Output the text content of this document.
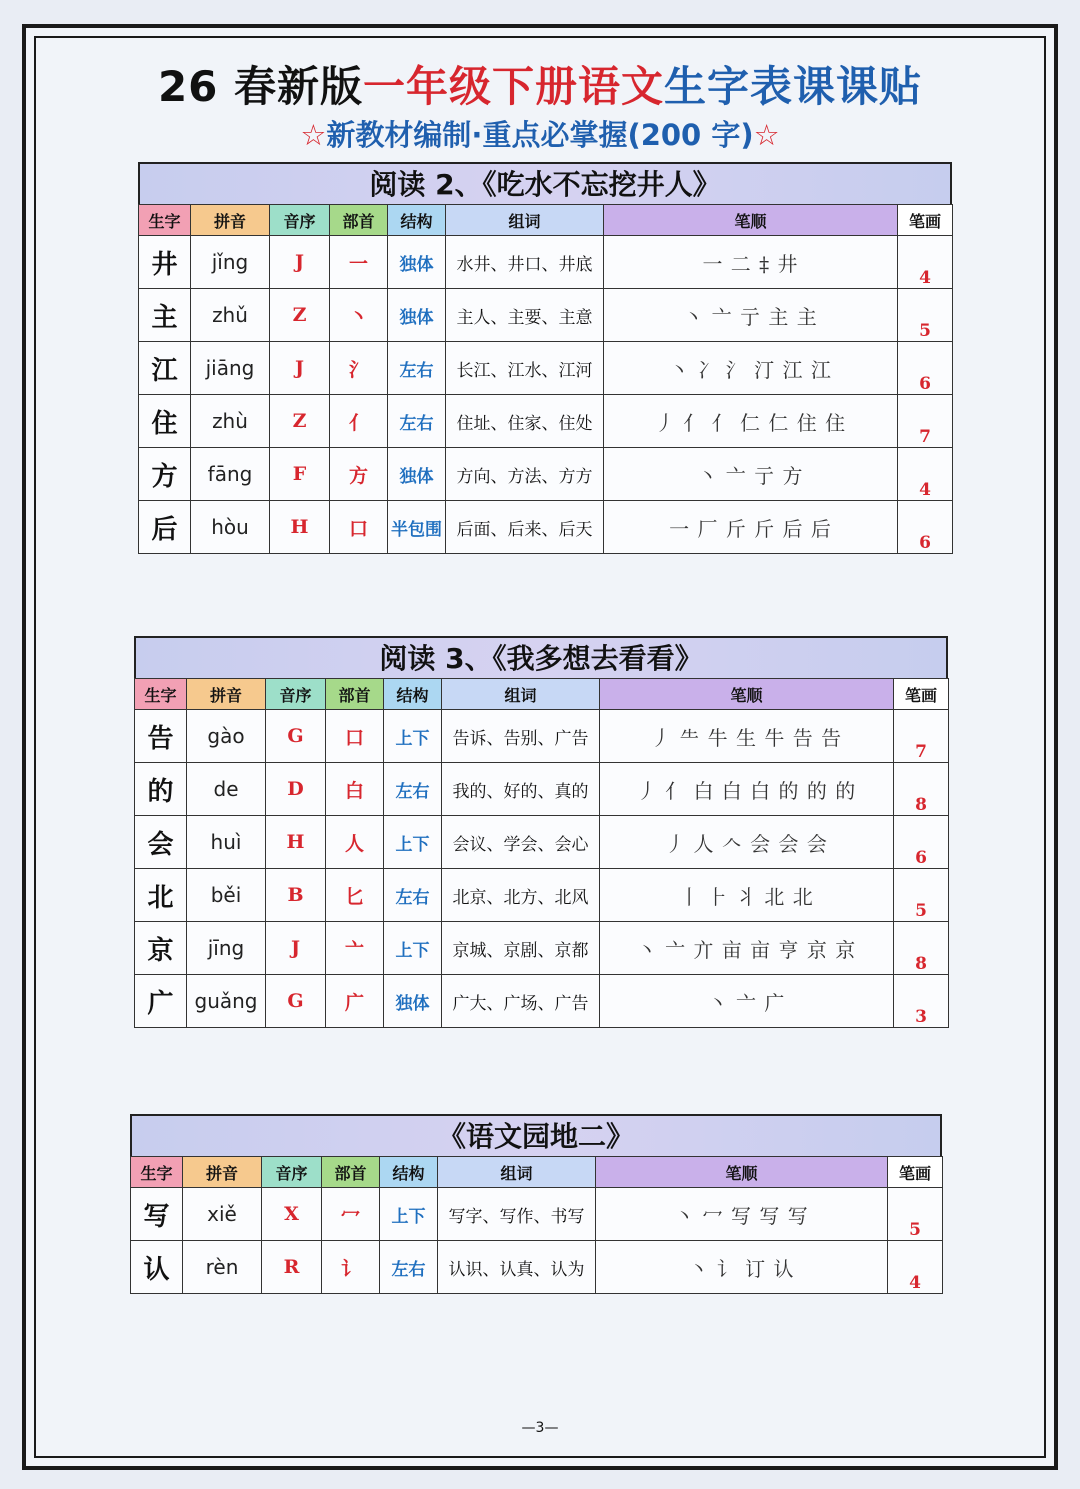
26 春新版一年级下册语文生字表课课贴
☆新教材编制·重点必掌握(200 字)☆
阅读 2、《吃水不忘挖井人》
生字	拼音	音序	部首	结构	组词	笔顺	笔画
井	jǐng	J	一	独体	水井、井口、井底	一 二 ‡ 井	4
主	zhǔ	Z	丶	独体	主人、主要、主意	丶 亠 亍 主 主	5
江	jiāng	J	氵	左右	长江、江水、江河	丶 冫 氵 汀 江 江	6
住	zhù	Z	亻	左右	住址、住家、住处	丿 亻 亻 仁 仁 住 住	7
方	fāng	F	方	独体	方向、方法、方方	丶 亠 亍 方	4
后	hòu	H	口	半包围	后面、后来、后天	一 厂 斤 斤 后 后	6
阅读 3、《我多想去看看》
生字	拼音	音序	部首	结构	组词	笔顺	笔画
告	gào	G	口	上下	告诉、告别、广告	丿 ⺧ 牛 生 牛 告 告	7
的	de	D	白	左右	我的、好的、真的	丿 亻 白 白 白 的 的 的	8
会	huì	H	人	上下	会议、学会、会心	丿 人 𠆢 会 会 会	6
北	běi	B	匕	左右	北京、北方、北风	丨 ⺊ 丬 北 北	5
京	jīng	J	亠	上下	京城、京剧、京都	丶 亠 亣 亩 亩 亨 京 京	8
广	guǎng	G	广	独体	广大、广场、广告	丶 亠 广	3
《语文园地二》
生字	拼音	音序	部首	结构	组词	笔顺	笔画
写	xiě	X	冖	上下	写字、写作、书写	丶 冖 写 写 写	5
认	rèn	R	讠	左右	认识、认真、认为	丶 讠 订 认	4
—3—
